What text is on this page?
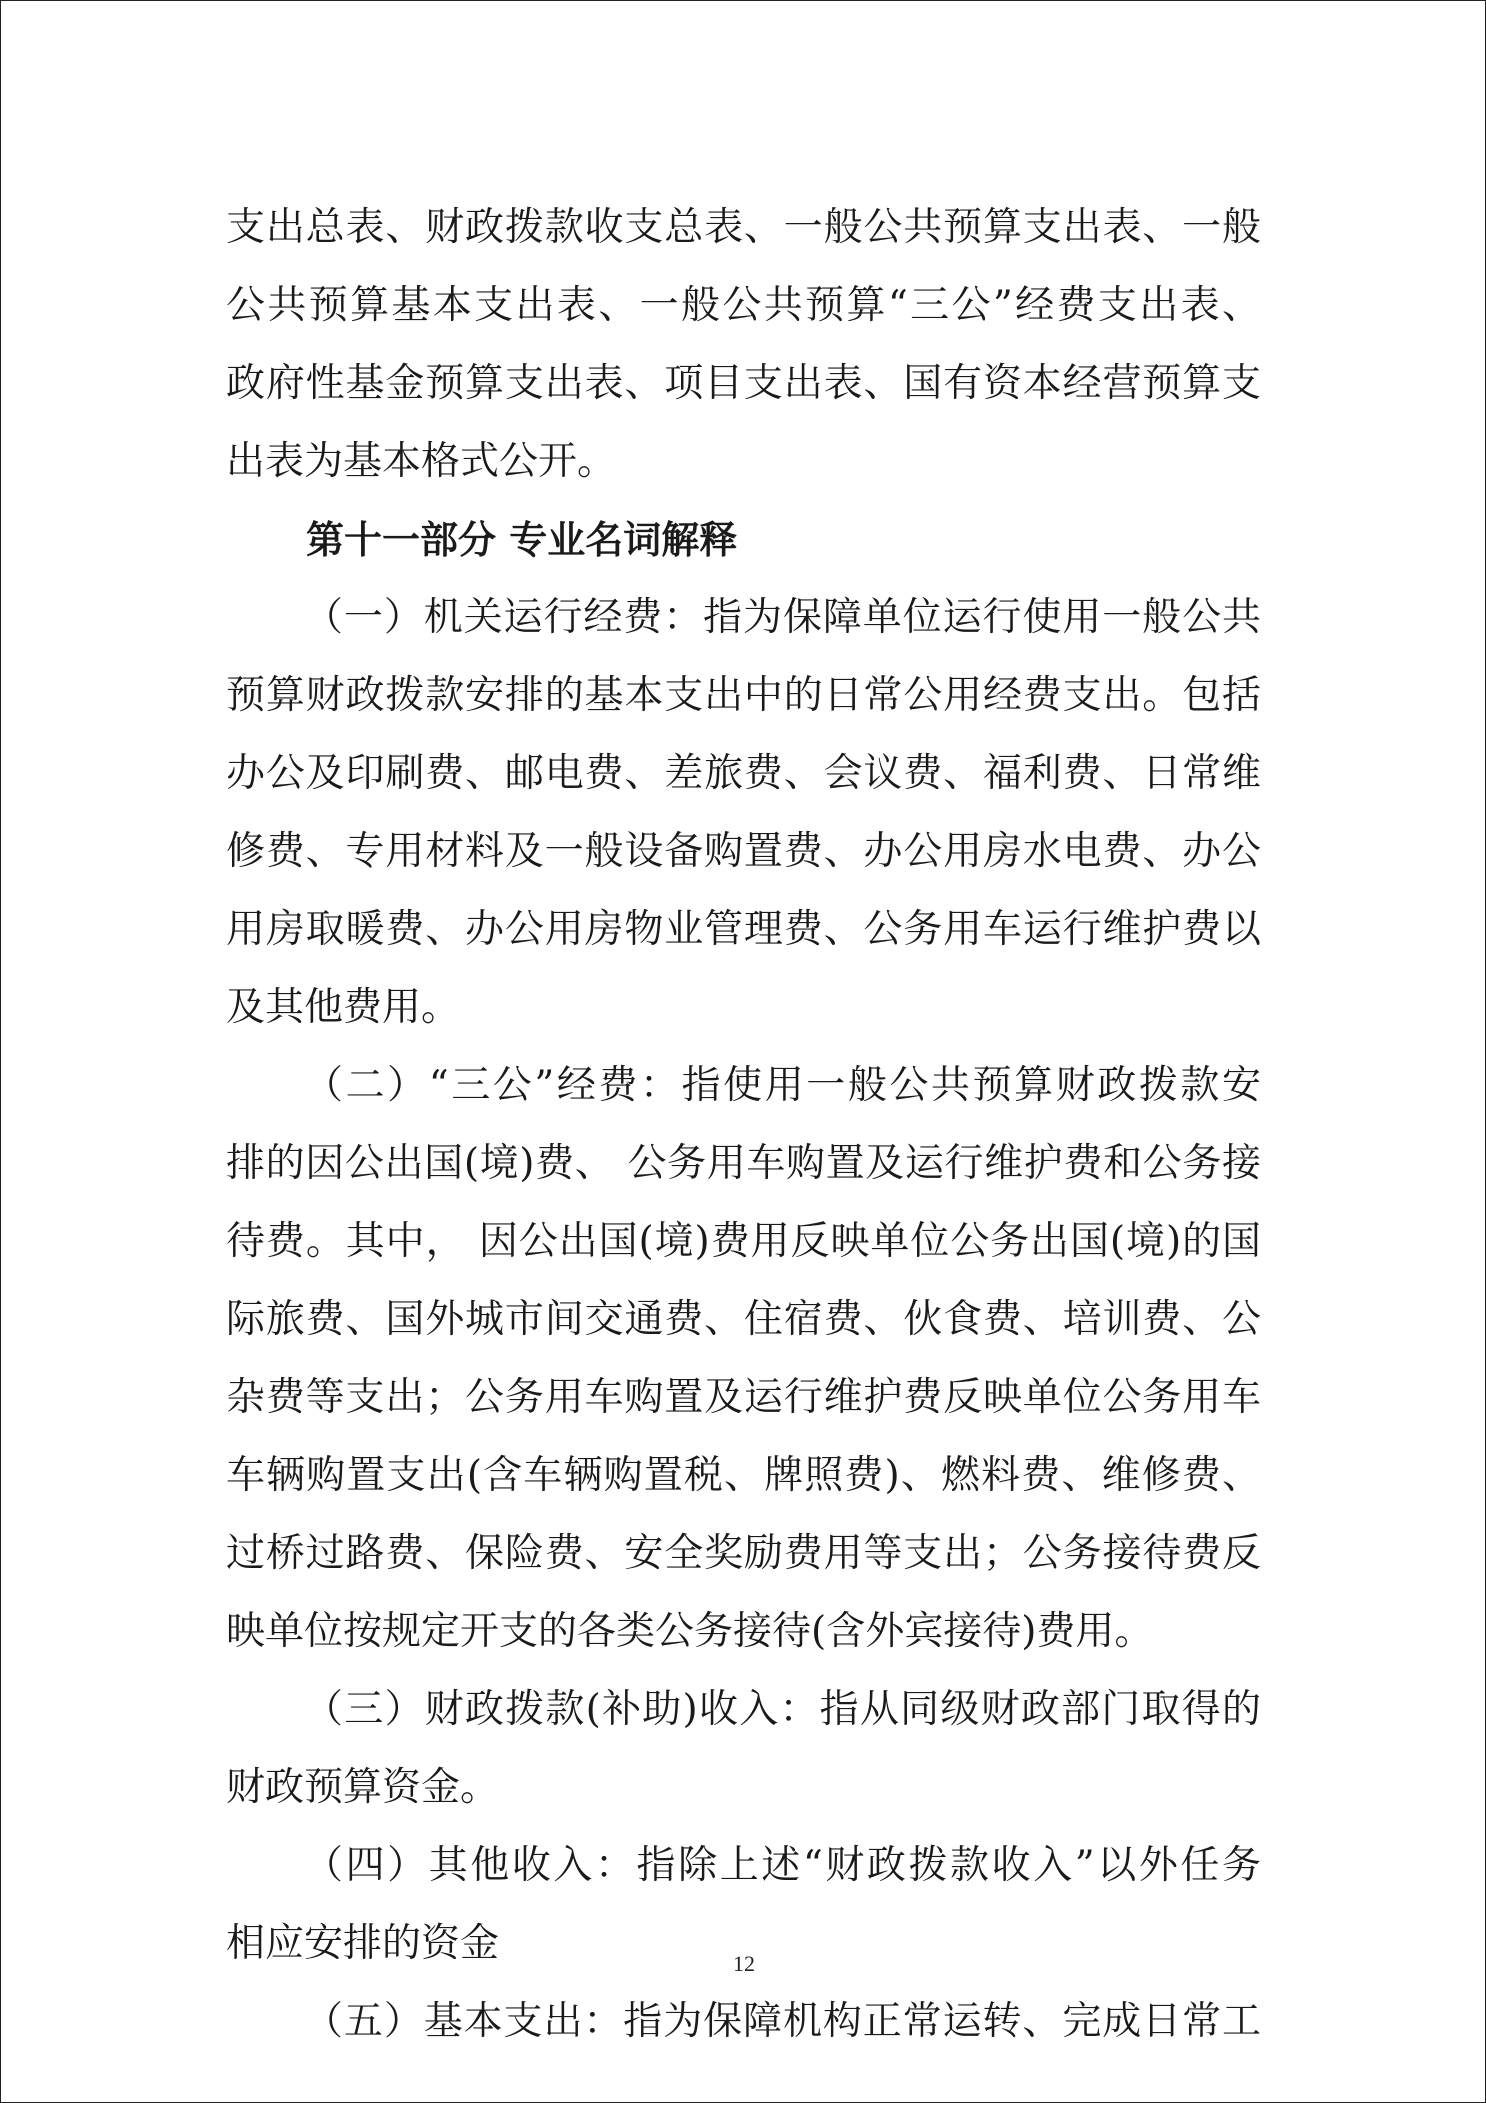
支出总表、财政拨款收支总表、一般公共预算支出表、一般
公共预算基本支出表、一般公共预算“三公”经费支出表、
政府性基金预算支出表、项目支出表、国有资本经营预算支
出表为基本格式公开。
第十一部分 专业名词解释
（一）机关运行经费：指为保障单位运行使用一般公共
预算财政拨款安排的基本支出中的日常公用经费支出。包括
办公及印刷费、邮电费、差旅费、会议费、福利费、日常维
修费、专用材料及一般设备购置费、办公用房水电费、办公
用房取暖费、办公用房物业管理费、公务用车运行维护费以
及其他费用。
（二）“三公”经费：指使用一般公共预算财政拨款安
排的因公出国(境)费、 公务用车购置及运行维护费和公务接
待费。其中， 因公出国(境)费用反映单位公务出国(境)的国
际旅费、国外城市间交通费、住宿费、伙食费、培训费、公
杂费等支出；公务用车购置及运行维护费反映单位公务用车
车辆购置支出(含车辆购置税、牌照费)、燃料费、维修费、
过桥过路费、保险费、安全奖励费用等支出；公务接待费反
映单位按规定开支的各类公务接待(含外宾接待)费用。
（三）财政拨款(补助)收入：指从同级财政部门取得的
财政预算资金。
（四）其他收入：指除上述“财政拨款收入”以外任务
相应安排的资金
（五）基本支出：指为保障机构正常运转、完成日常工
12
